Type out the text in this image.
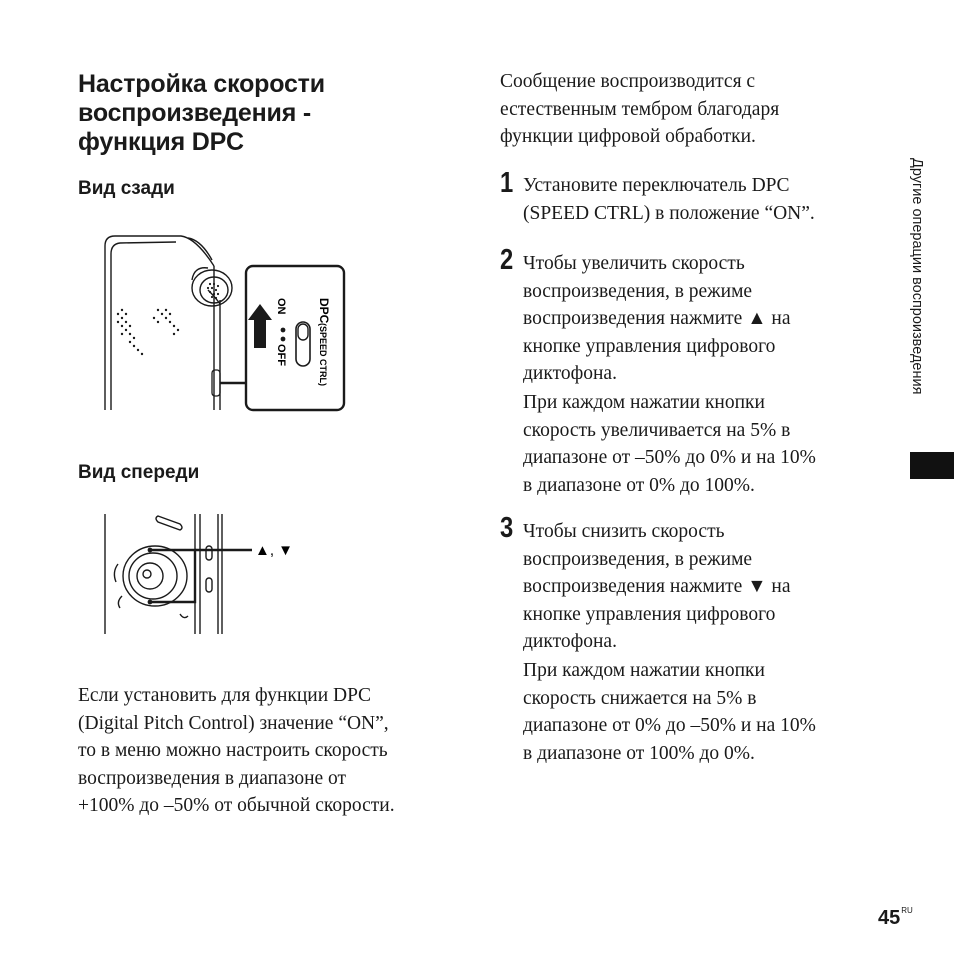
Настройка скорости
воспроизведения -
функция DPC
Вид сзади
ON
OFF
DPC
(SPEED CTRL)
Вид спереди
▲, ▼

Если установить для функции DPC
(Digital Pitch Control) значение “ON”,
то в меню можно настроить скорость
воспроизведения в диапазоне от
+100% до –50% от обычной скорости.

Сообщение воспроизводится с
естественным тембром благодаря
функции цифровой обработки.

1 Установите переключатель DPC
(SPEED CTRL) в положение “ON”.

2 Чтобы увеличить скорость
воспроизведения, в режиме
воспроизведения нажмите ▲ на
кнопке управления цифрового
диктофона.

При каждом нажатии кнопки
скорость увеличивается на 5% в
диапазоне от –50% до 0% и на 10%
в диапазоне от 0% до 100%.

3 Чтобы снизить скорость
воспроизведения, в режиме
воспроизведения нажмите ▼ на
кнопке управления цифрового
диктофона.

При каждом нажатии кнопки
скорость снижается на 5% в
диапазоне от 0% до –50% и на 10%
в диапазоне от 100% до 0%.

Другие операции воспроизведения
$45^{RU}$
